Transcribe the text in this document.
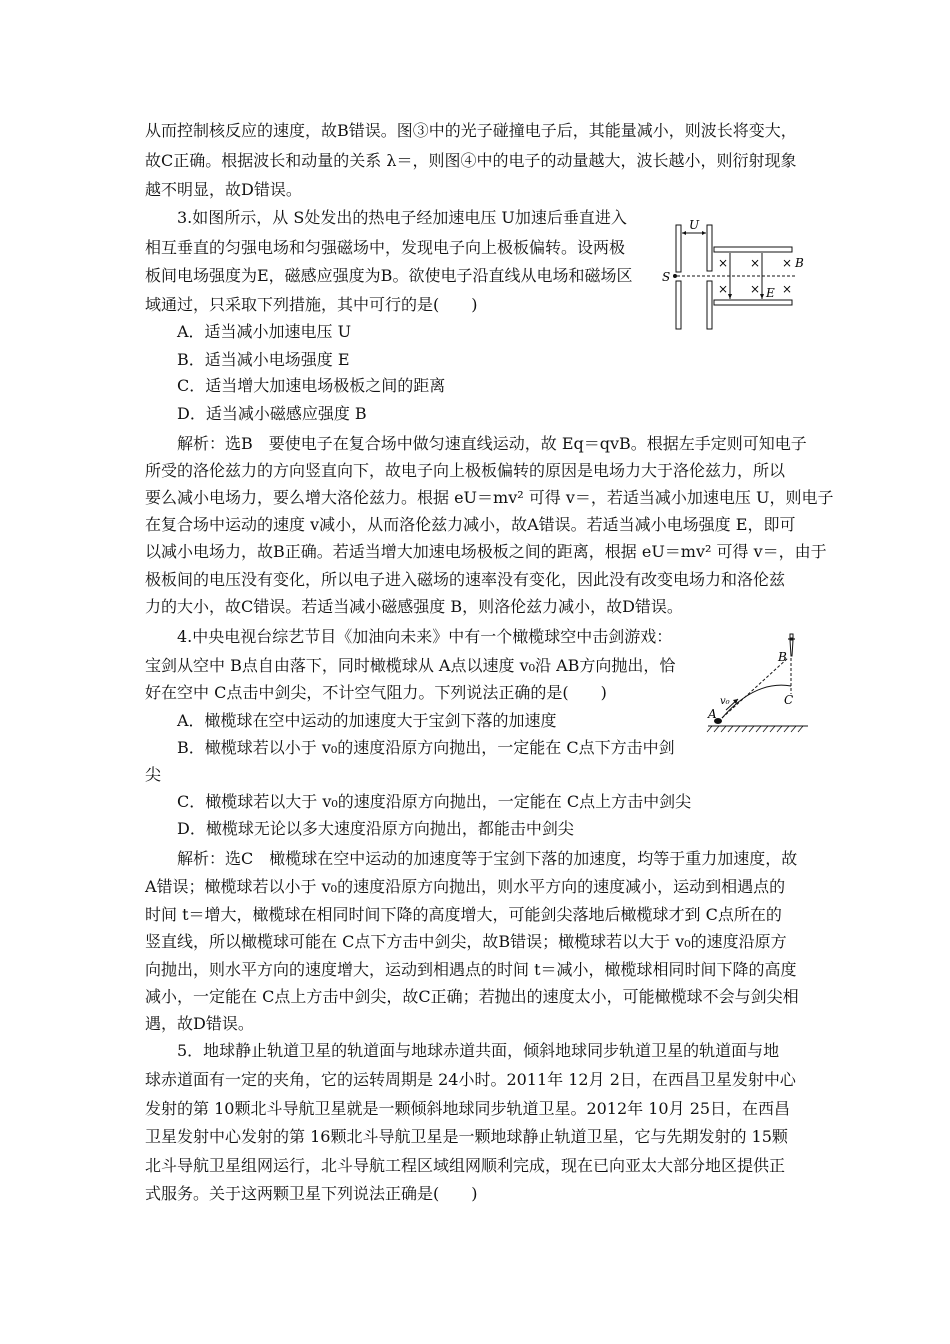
从而控制核反应的速度，故B错误。图③中的光子碰撞电子后，其能量减小，则波长将变大，
故C正确。根据波长和动量的关系 λ＝，则图④中的电子的动量越大，波长越小，则衍射现象
越不明显，故D错误。
3.如图所示，从 S处发出的热电子经加速电压 U加速后垂直进入
相互垂直的匀强电场和匀强磁场中，发现电子向上极板偏转。设两极
板间电场强度为E，磁感应强度为B。欲使电子沿直线从电场和磁场区
域通过，只采取下列措施，其中可行的是(　　)
A．适当减小加速电压 U
B．适当减小电场强度 E
C．适当增大加速电场极板之间的距离
D．适当减小磁感应强度 B
解析：选B　要使电子在复合场中做匀速直线运动，故 Eq＝qvB。根据左手定则可知电子
所受的洛伦兹力的方向竖直向下，故电子向上极板偏转的原因是电场力大于洛伦兹力，所以
要么减小电场力，要么增大洛伦兹力。根据 eU＝mv² 可得 v＝，若适当减小加速电压 U，则电子
在复合场中运动的速度 v减小，从而洛伦兹力减小，故A错误。若适当减小电场强度 E，即可
以减小电场力，故B正确。若适当增大加速电场极板之间的距离，根据 eU＝mv² 可得 v＝，由于
极板间的电压没有变化，所以电子进入磁场的速率没有变化，因此没有改变电场力和洛伦兹
力的大小，故C错误。若适当减小磁感强度 B，则洛伦兹力减小，故D错误。
U
S
× × ×
× × ×
B
E
4.中央电视台综艺节目《加油向未来》中有一个橄榄球空中击剑游戏：
宝剑从空中 B点自由落下，同时橄榄球从 A点以速度 v₀沿 AB方向抛出，恰
好在空中 C点击中剑尖，不计空气阻力。下列说法正确的是(　　)
A．橄榄球在空中运动的加速度大于宝剑下落的加速度
B．橄榄球若以小于 v₀的速度沿原方向抛出，一定能在 C点下方击中剑
尖
C．橄榄球若以大于 v₀的速度沿原方向抛出，一定能在 C点上方击中剑尖
D．橄榄球无论以多大速度沿原方向抛出，都能击中剑尖
解析：选C　橄榄球在空中运动的加速度等于宝剑下落的加速度，均等于重力加速度，故
A错误；橄榄球若以小于 v₀的速度沿原方向抛出，则水平方向的速度减小，运动到相遇点的
时间 t＝增大，橄榄球在相同时间下降的高度增大，可能剑尖落地后橄榄球才到 C点所在的
竖直线，所以橄榄球可能在 C点下方击中剑尖，故B错误；橄榄球若以大于 v₀的速度沿原方
向抛出，则水平方向的速度增大，运动到相遇点的时间 t＝减小，橄榄球相同时间下降的高度
减小，一定能在 C点上方击中剑尖，故C正确；若抛出的速度太小，可能橄榄球不会与剑尖相
遇，故D错误。
A
v₀
B
C
5．地球静止轨道卫星的轨道面与地球赤道共面，倾斜地球同步轨道卫星的轨道面与地
球赤道面有一定的夹角，它的运转周期是 24小时。2011年 12月 2日，在西昌卫星发射中心
发射的第 10颗北斗导航卫星就是一颗倾斜地球同步轨道卫星。2012年 10月 25日，在西昌
卫星发射中心发射的第 16颗北斗导航卫星是一颗地球静止轨道卫星，它与先期发射的 15颗
北斗导航卫星组网运行，北斗导航工程区域组网顺利完成，现在已向亚太大部分地区提供正
式服务。关于这两颗卫星下列说法正确是(　　)
